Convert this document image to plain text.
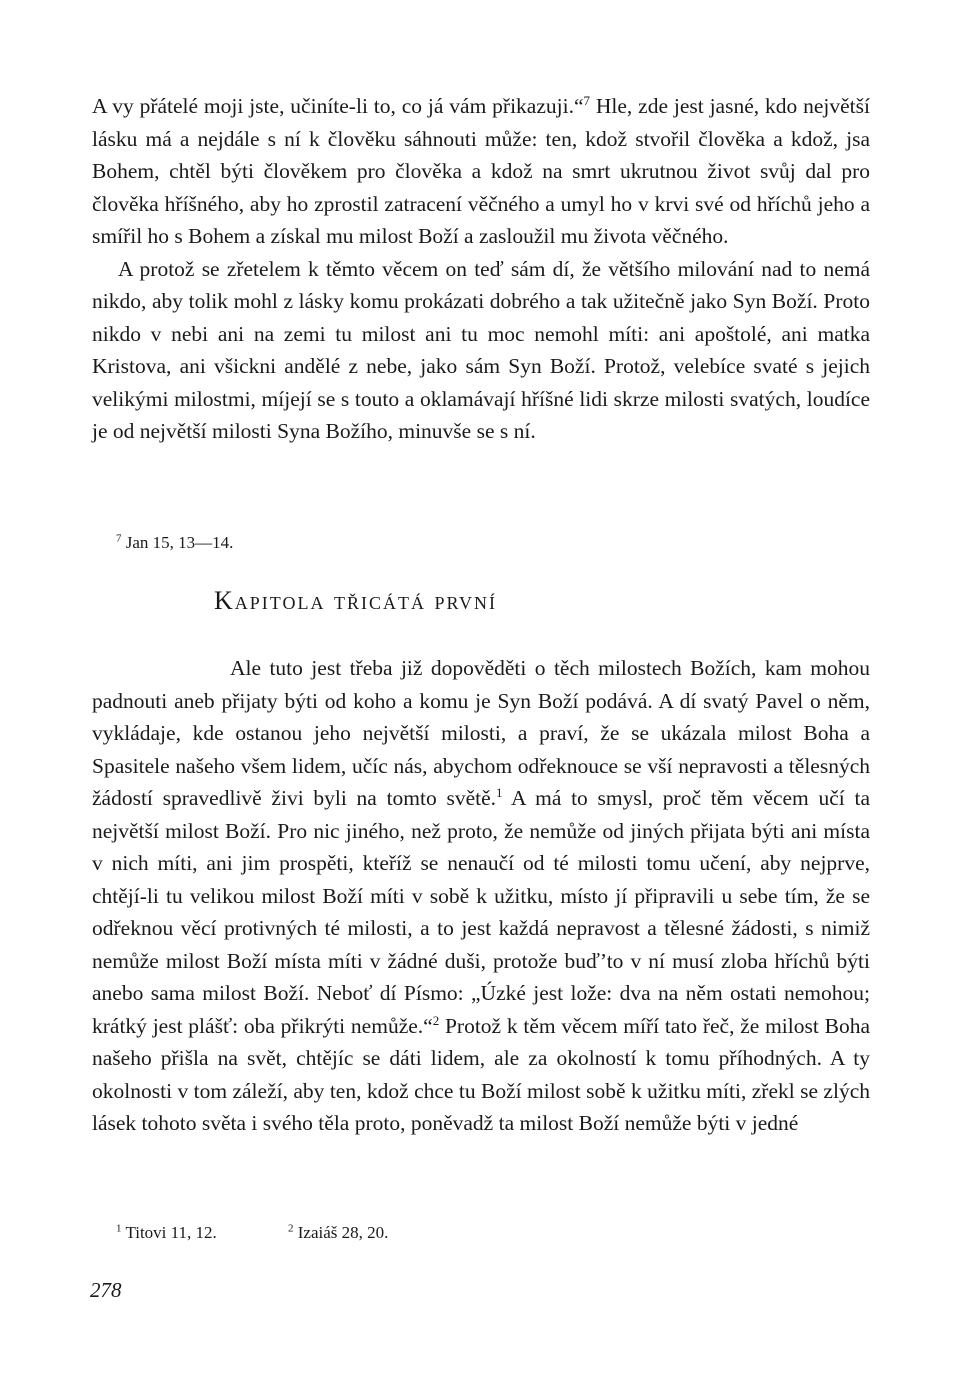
A vy přátelé moji jste, učiníte-li to, co já vám přikazuji.“$^7$ Hle, zde jest jasné, kdo největší lásku má a nejdále s ní k člověku sáhnouti může: ten, kdož stvořil člověka a kdož, jsa Bohem, chtěl býti člověkem pro člověka a kdož na smrt ukrutnou život svůj dal pro člověka hříšného, aby ho zprostil zatracení věčného a umyl ho v krvi své od hříchů jeho a smířil ho s Bohem a získal mu milost Boží a zasloužil mu života věčného.

A protož se zřetelem k těmto věcem on teď sám dí, že většího milování nad to nemá nikdo, aby tolik mohl z lásky komu prokázati dobrého a tak užitečně jako Syn Boží. Proto nikdo v nebi ani na zemi tu milost ani tu moc nemohl míti: ani apoštolé, ani matka Kristova, ani všickni andělé z nebe, jako sám Syn Boží. Protož, velebíce svaté s jejich velikými milostmi, míjejí se s touto a oklamávají hříšné lidi skrze milosti svatých, loudíce je od největší milosti Syna Božího, minuvše se s ní.

$^7$ Jan 15, 13—14.
Kapitola třicátá první

Ale tuto jest třeba již dopověděti o těch milostech Božích, kam mohou padnouti aneb přijaty býti od koho a komu je Syn Boží podává. A dí svatý Pavel o něm, vykládaje, kde ostanou jeho největší milosti, a praví, že se ukázala milost Boha a Spasitele našeho všem lidem, učíc nás, abychom odřeknouce se vší nepravosti a tělesných žádostí spravedlivě živi byli na tomto světě.$^1$ A má to smysl, proč těm věcem učí ta největší milost Boží. Pro nic jiného, než proto, že nemůže od jiných přijata býti ani místa v nich míti, ani jim prospěti, kteříž se nenaučí od té milosti tomu učení, aby nejprve, chtějí-li tu velikou milost Boží míti v sobě k užitku, místo jí připravili u sebe tím, že se odřeknou věcí protivných té milosti, a to jest každá nepravost a tělesné žádosti, s nimiž nemůže milost Boží místa míti v žádné duši, protože buď’to v ní musí zloba hříchů býti anebo sama milost Boží. Neboť dí Písmo: „Úzké jest lože: dva na něm ostati nemohou; krátký jest plášť: oba přikrýti nemůže.“$^2$ Protož k těm věcem míří tato řeč, že milost Boha našeho přišla na svět, chtějíc se dáti lidem, ale za okolností k tomu příhodných. A ty okolnosti v tom záleží, aby ten, kdož chce tu Boží milost sobě k užitku míti, zřekl se zlých lásek tohoto světa i svého těla proto, poněvadž ta milost Boží nemůže býti v jedné

$^1$ Titovi 11, 12.	$^2$ Izaiáš 28, 20.
278
